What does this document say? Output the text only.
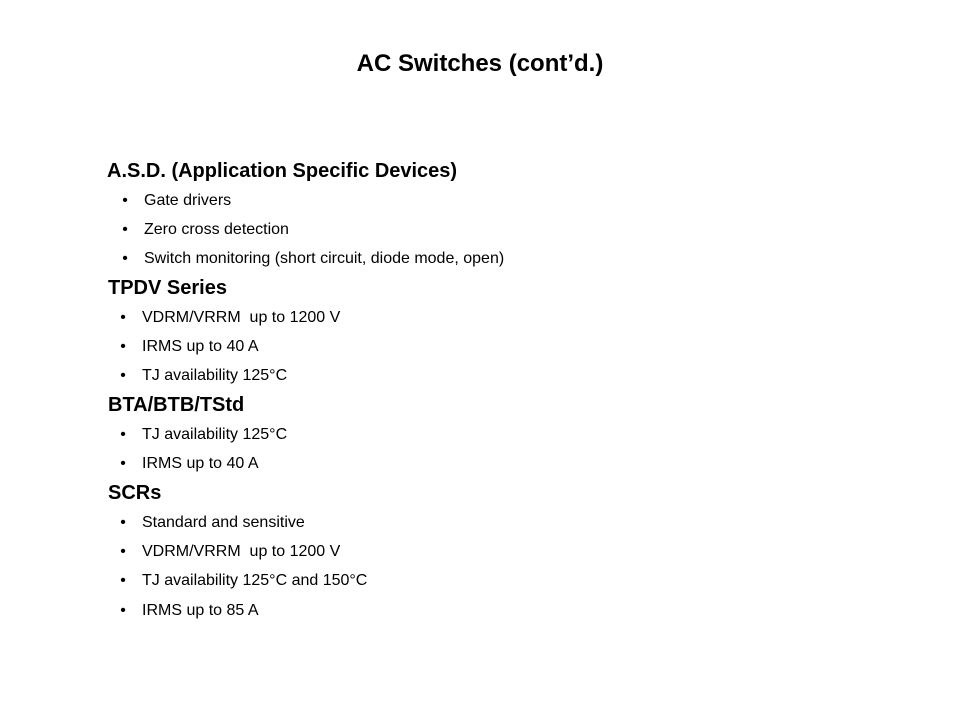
AC Switches (cont’d.)
A.S.D. (Application Specific Devices)
• Gate drivers
• Zero cross detection
• Switch monitoring (short circuit, diode mode, open)
TPDV Series
• VDRM/VRRM  up to 1200 V
• IRMS up to 40 A
• TJ availability 125°C
BTA/BTB/TStd
• TJ availability 125°C
• IRMS up to 40 A
SCRs
• Standard and sensitive
• VDRM/VRRM  up to 1200 V
• TJ availability 125°C and 150°C
• IRMS up to 85 A
